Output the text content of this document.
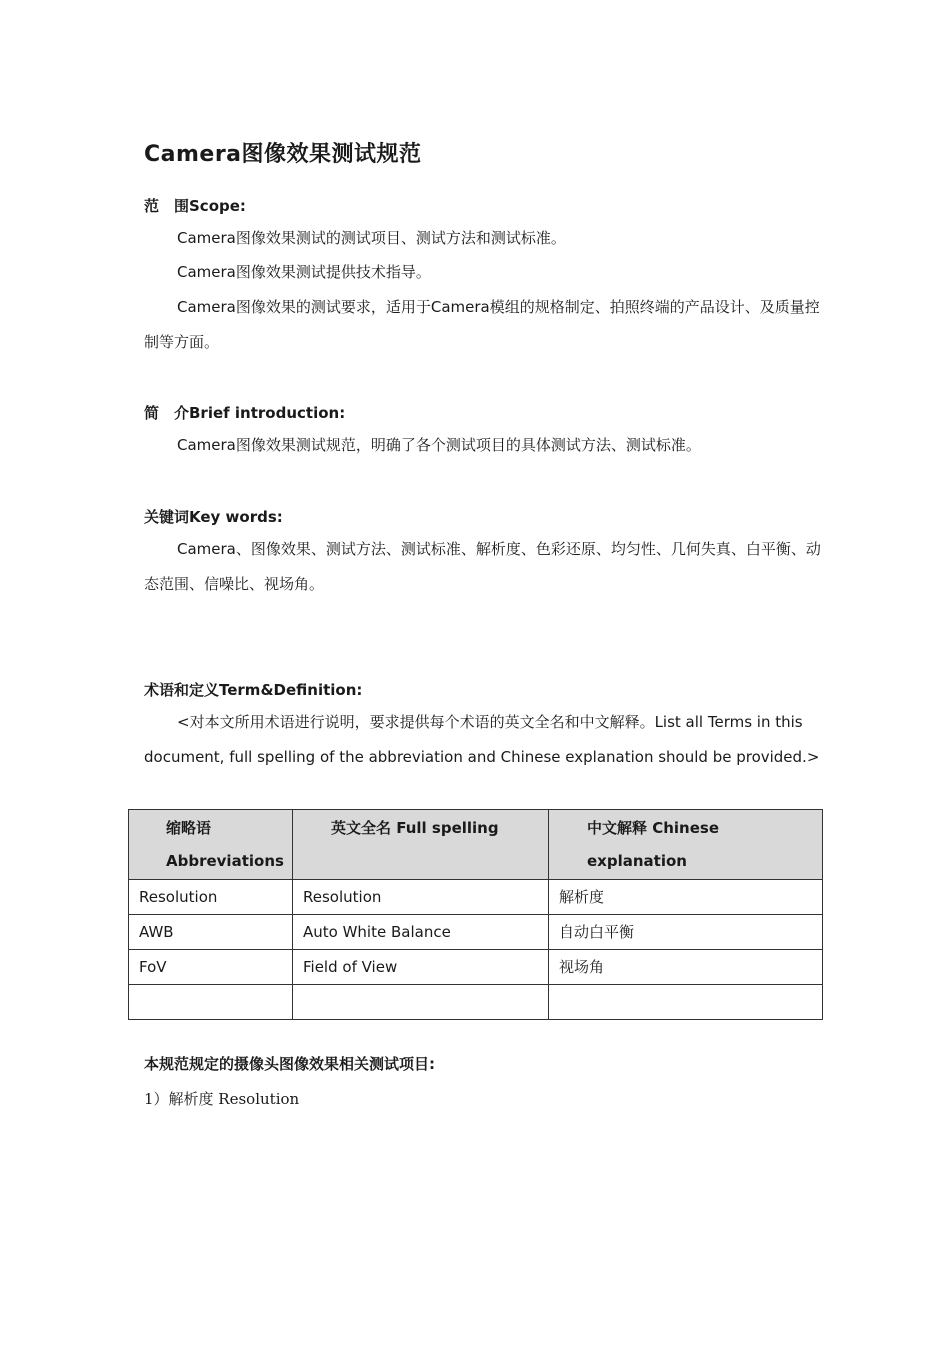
Camera图像效果测试规范
范　围Scope:

Camera图像效果测试的测试项目、测试方法和测试标准。

Camera图像效果测试提供技术指导。

Camera图像效果的测试要求，适用于Camera模组的规格制定、拍照终端的产品设计、及质量控制等方面。

简　介Brief introduction:

Camera图像效果测试规范，明确了各个测试项目的具体测试方法、测试标准。

关键词Key words:

Camera、图像效果、测试方法、测试标准、解析度、色彩还原、均匀性、几何失真、白平衡、动态范围、信噪比、视场角。

术语和定义Term&Definition:

<对本文所用术语进行说明，要求提供每个术语的英文全名和中文解释。List all Terms in this document, full spelling of the abbreviation and Chinese explanation should be provided.>

缩略语
Abbreviations	英文全名 Full spelling	中文解释 Chinese
explanation

Resolution	Resolution	解析度
AWB	Auto White Balance	自动白平衡
FoV	Field of View	视场角

本规范规定的摄像头图像效果相关测试项目:
1）解析度 Resolution
